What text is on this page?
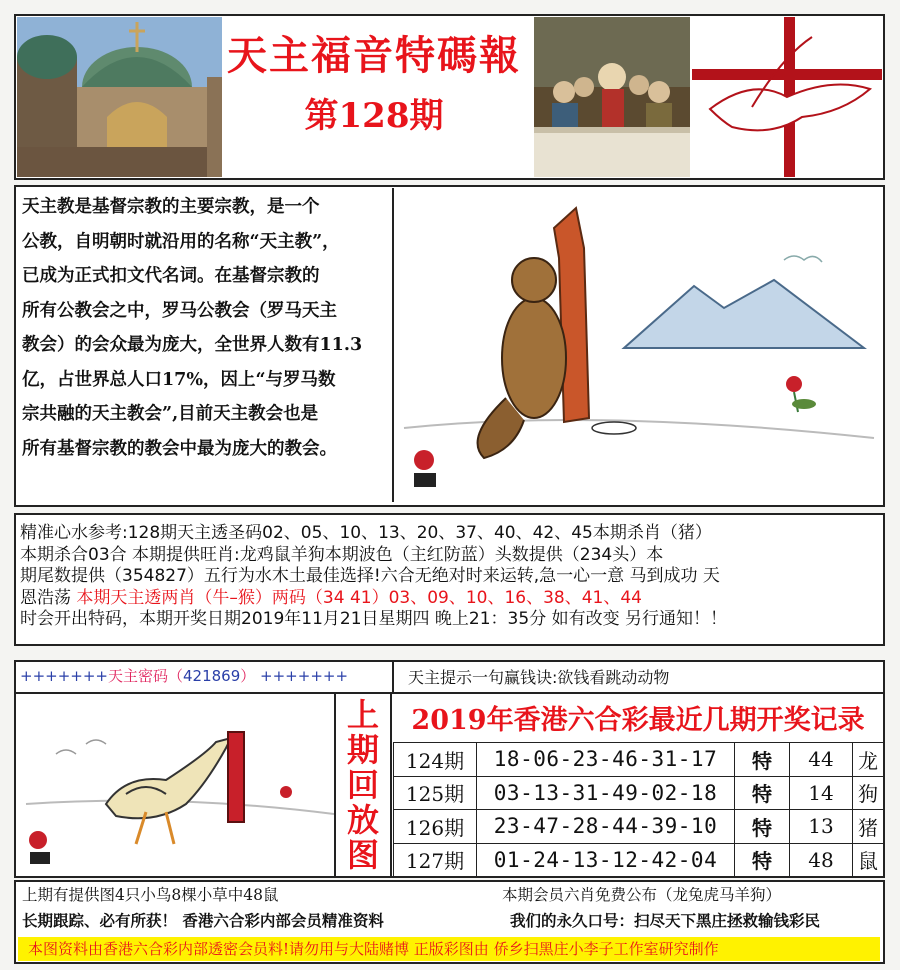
天主福音特碼報
第128期

天主教是基督宗教的主要宗教，是一个

公教，自明朝时就沿用的名称“天主教”，

已成为正式扣文代名词。在基督宗教的

所有公教会之中，罗马公教会（罗马天主

教会）的会众最为庞大，全世界人数有11.3

亿，占世界总人口17%，因上“与罗马数

宗共融的天主教会”,目前天主教会也是

所有基督宗教的教会中最为庞大的教会。

精准心水参考:128期天主透圣码02、05、10、13、20、37、40、42、45本期杀肖（猪）
本期杀合03合 本期提供旺肖:龙鸡鼠羊狗本期波色（主红防蓝）头数提供（234头）本
期尾数提供（354827）五行为水木土最佳选择!六合无绝对时来运转,急一心一意 马到成功 天
恩浩荡 本期天主透两肖（牛–猴）两码（34 41）03、09、10、16、38、41、44
时会开出特码，本期开奖日期2019年11月21日星期四 晚上21：35分 如有改变 另行通知！！
+++++++天主密码（421869） +++++++	天主提示一句赢钱诀:欲钱看跳动动物
上
期
回
放
图
2019年香港六合彩最近几期开奖记录
124期	18-06-23-46-31-17	特	44	龙
125期	03-13-31-49-02-18	特	14	狗
126期	23-47-28-44-39-10	特	13	猪
127期	01-24-13-12-42-04	特	48	鼠
上期有提供图4只小鸟8棵小草中48鼠	本期会员六肖免费公布（龙兔虎马羊狗）
长期跟踪、必有所获！ 香港六合彩内部会员精准资料	我们的永久口号：扫尽天下黑庄拯救输钱彩民
本图资料由香港六合彩内部透密会员料!请勿用与大陆赌博 正版彩图由 侨乡扫黑庄小李子工作室研究制作
